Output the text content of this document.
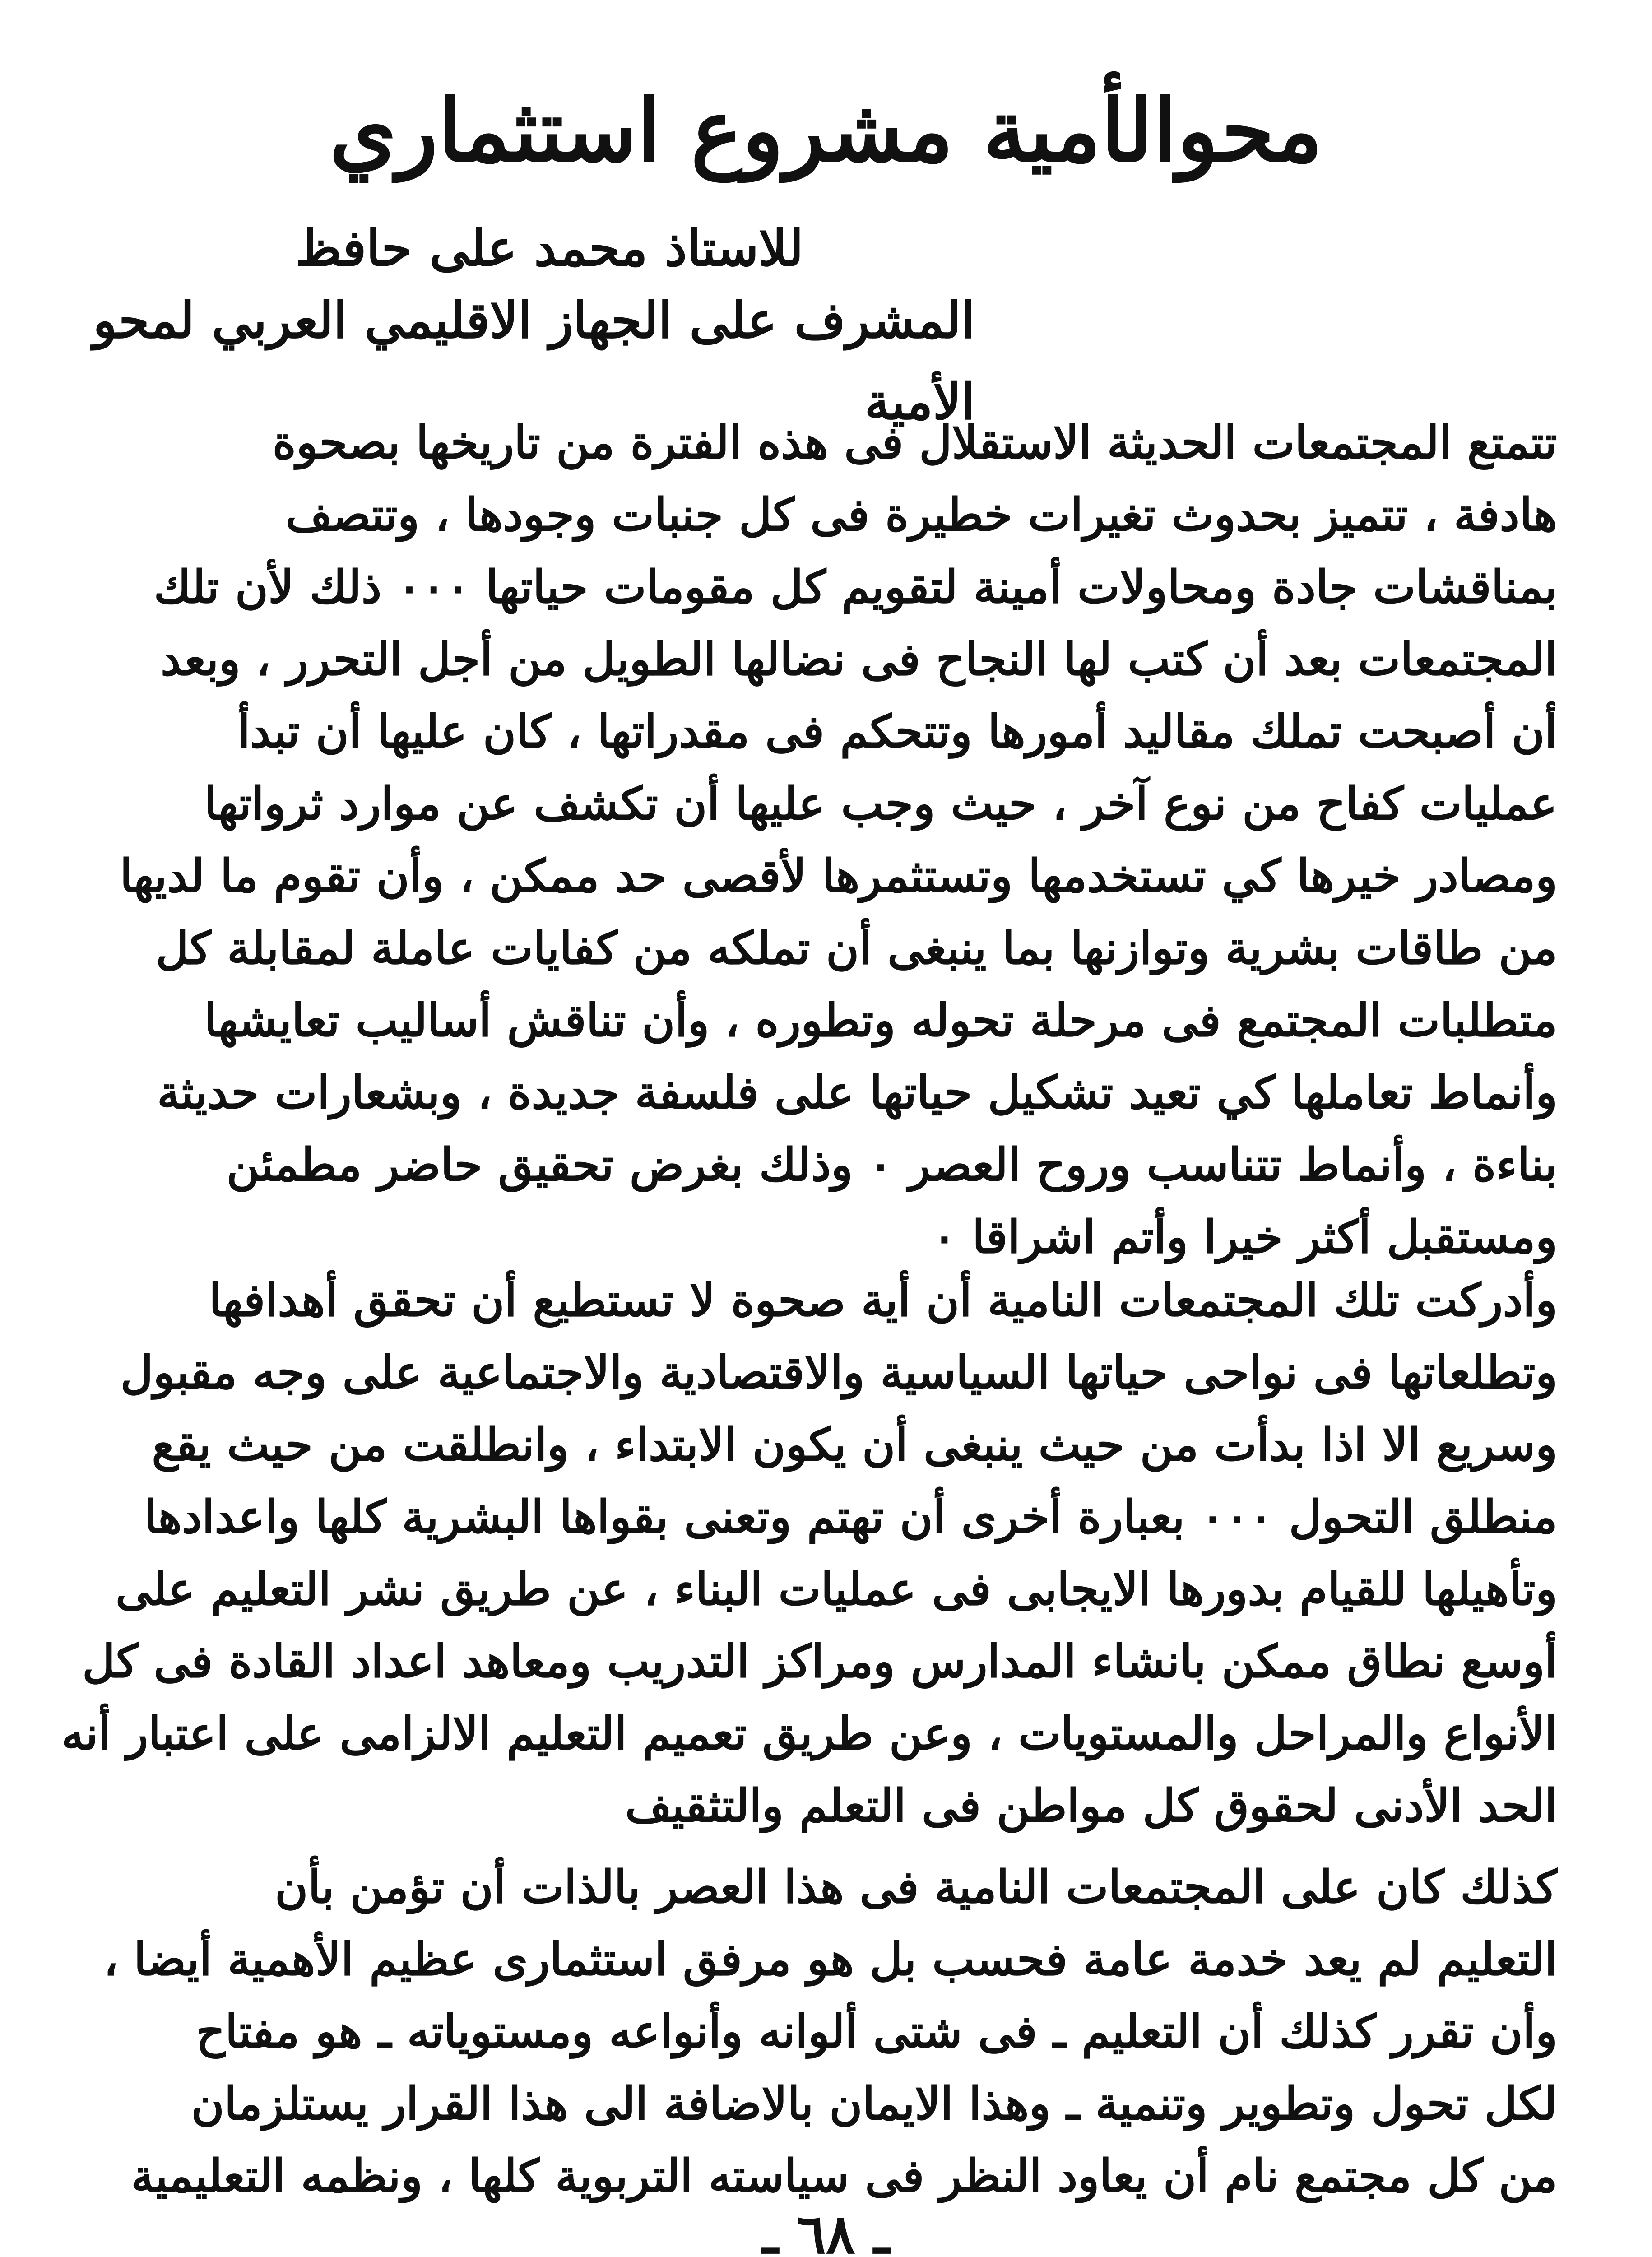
محوالأمية مشروع استثماري
للاستاذ محمد على حافظ
المشرف على الجهاز الاقليمي العربي لمحو الأمية
تتمتع المجتمعات الحديثة الاستقلال فى هذه الفترة من تاريخها بصحوة
هادفة ، تتميز بحدوث تغيرات خطيرة فى كل جنبات وجودها ، وتتصف
بمناقشات جادة ومحاولات أمينة لتقويم كل مقومات حياتها ٠٠٠ ذلك لأن تلك
المجتمعات بعد أن كتب لها النجاح فى نضالها الطويل من أجل التحرر ، وبعد
أن أصبحت تملك مقاليد أمورها وتتحكم فى مقدراتها ، كان عليها أن تبدأ
عمليات كفاح من نوع آخر ، حيث وجب عليها أن تكشف عن موارد ثرواتها
ومصادر خيرها كي تستخدمها وتستثمرها لأقصى حد ممكن ، وأن تقوم ما لديها
من طاقات بشرية وتوازنها بما ينبغى أن تملكه من كفايات عاملة لمقابلة كل
متطلبات المجتمع فى مرحلة تحوله وتطوره ، وأن تناقش أساليب تعايشها
وأنماط تعاملها كي تعيد تشكيل حياتها على فلسفة جديدة ، وبشعارات حديثة
بناءة ، وأنماط تتناسب وروح العصر ٠ وذلك بغرض تحقيق حاضر مطمئن
ومستقبل أكثر خيرا وأتم اشراقا ٠
وأدركت تلك المجتمعات النامية أن أية صحوة لا تستطيع أن تحقق أهدافها
وتطلعاتها فى نواحى حياتها السياسية والاقتصادية والاجتماعية على وجه مقبول
وسريع الا اذا بدأت من حيث ينبغى أن يكون الابتداء ، وانطلقت من حيث يقع
منطلق التحول ٠٠٠ بعبارة أخرى أن تهتم وتعنى بقواها البشرية كلها واعدادها
وتأهيلها للقيام بدورها الايجابى فى عمليات البناء ، عن طريق نشر التعليم على
أوسع نطاق ممكن بانشاء المدارس ومراكز التدريب ومعاهد اعداد القادة فى كل
الأنواع والمراحل والمستويات ، وعن طريق تعميم التعليم الالزامى على اعتبار أنه
الحد الأدنى لحقوق كل مواطن فى التعلم والتثقيف
كذلك كان على المجتمعات النامية فى هذا العصر بالذات أن تؤمن بأن
التعليم لم يعد خدمة عامة فحسب بل هو مرفق استثمارى عظيم الأهمية أيضا ،
وأن تقرر كذلك أن التعليم ـ فى شتى ألوانه وأنواعه ومستوياته ـ هو مفتاح
لكل تحول وتطوير وتنمية ـ وهذا الايمان بالاضافة الى هذا القرار يستلزمان
من كل مجتمع نام أن يعاود النظر فى سياسته التربوية كلها ، ونظمه التعليمية
ـ ٦٨ ـ
